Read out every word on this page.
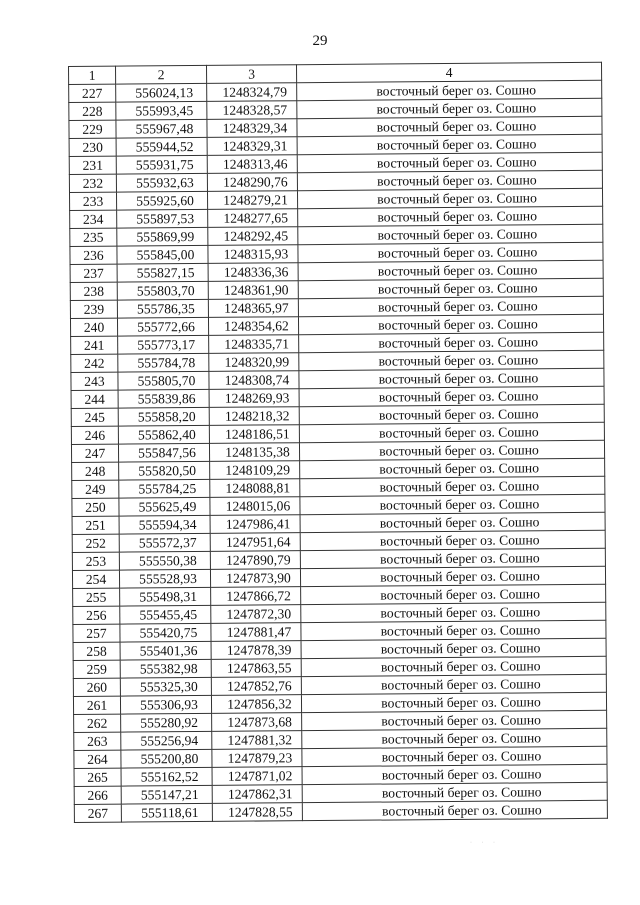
29
1	2	3	4
227	556024,13	1248324,79	восточный берег оз. Сошно
228	555993,45	1248328,57	восточный берег оз. Сошно
229	555967,48	1248329,34	восточный берег оз. Сошно
230	555944,52	1248329,31	восточный берег оз. Сошно
231	555931,75	1248313,46	восточный берег оз. Сошно
232	555932,63	1248290,76	восточный берег оз. Сошно
233	555925,60	1248279,21	восточный берег оз. Сошно
234	555897,53	1248277,65	восточный берег оз. Сошно
235	555869,99	1248292,45	восточный берег оз. Сошно
236	555845,00	1248315,93	восточный берег оз. Сошно
237	555827,15	1248336,36	восточный берег оз. Сошно
238	555803,70	1248361,90	восточный берег оз. Сошно
239	555786,35	1248365,97	восточный берег оз. Сошно
240	555772,66	1248354,62	восточный берег оз. Сошно
241	555773,17	1248335,71	восточный берег оз. Сошно
242	555784,78	1248320,99	восточный берег оз. Сошно
243	555805,70	1248308,74	восточный берег оз. Сошно
244	555839,86	1248269,93	восточный берег оз. Сошно
245	555858,20	1248218,32	восточный берег оз. Сошно
246	555862,40	1248186,51	восточный берег оз. Сошно
247	555847,56	1248135,38	восточный берег оз. Сошно
248	555820,50	1248109,29	восточный берег оз. Сошно
249	555784,25	1248088,81	восточный берег оз. Сошно
250	555625,49	1248015,06	восточный берег оз. Сошно
251	555594,34	1247986,41	восточный берег оз. Сошно
252	555572,37	1247951,64	восточный берег оз. Сошно
253	555550,38	1247890,79	восточный берег оз. Сошно
254	555528,93	1247873,90	восточный берег оз. Сошно
255	555498,31	1247866,72	восточный берег оз. Сошно
256	555455,45	1247872,30	восточный берег оз. Сошно
257	555420,75	1247881,47	восточный берег оз. Сошно
258	555401,36	1247878,39	восточный берег оз. Сошно
259	555382,98	1247863,55	восточный берег оз. Сошно
260	555325,30	1247852,76	восточный берег оз. Сошно
261	555306,93	1247856,32	восточный берег оз. Сошно
262	555280,92	1247873,68	восточный берег оз. Сошно
263	555256,94	1247881,32	восточный берег оз. Сошно
264	555200,80	1247879,23	восточный берег оз. Сошно
265	555162,52	1247871,02	восточный берег оз. Сошно
266	555147,21	1247862,31	восточный берег оз. Сошно
267	555118,61	1247828,55	восточный берег оз. Сошно
· · ·
